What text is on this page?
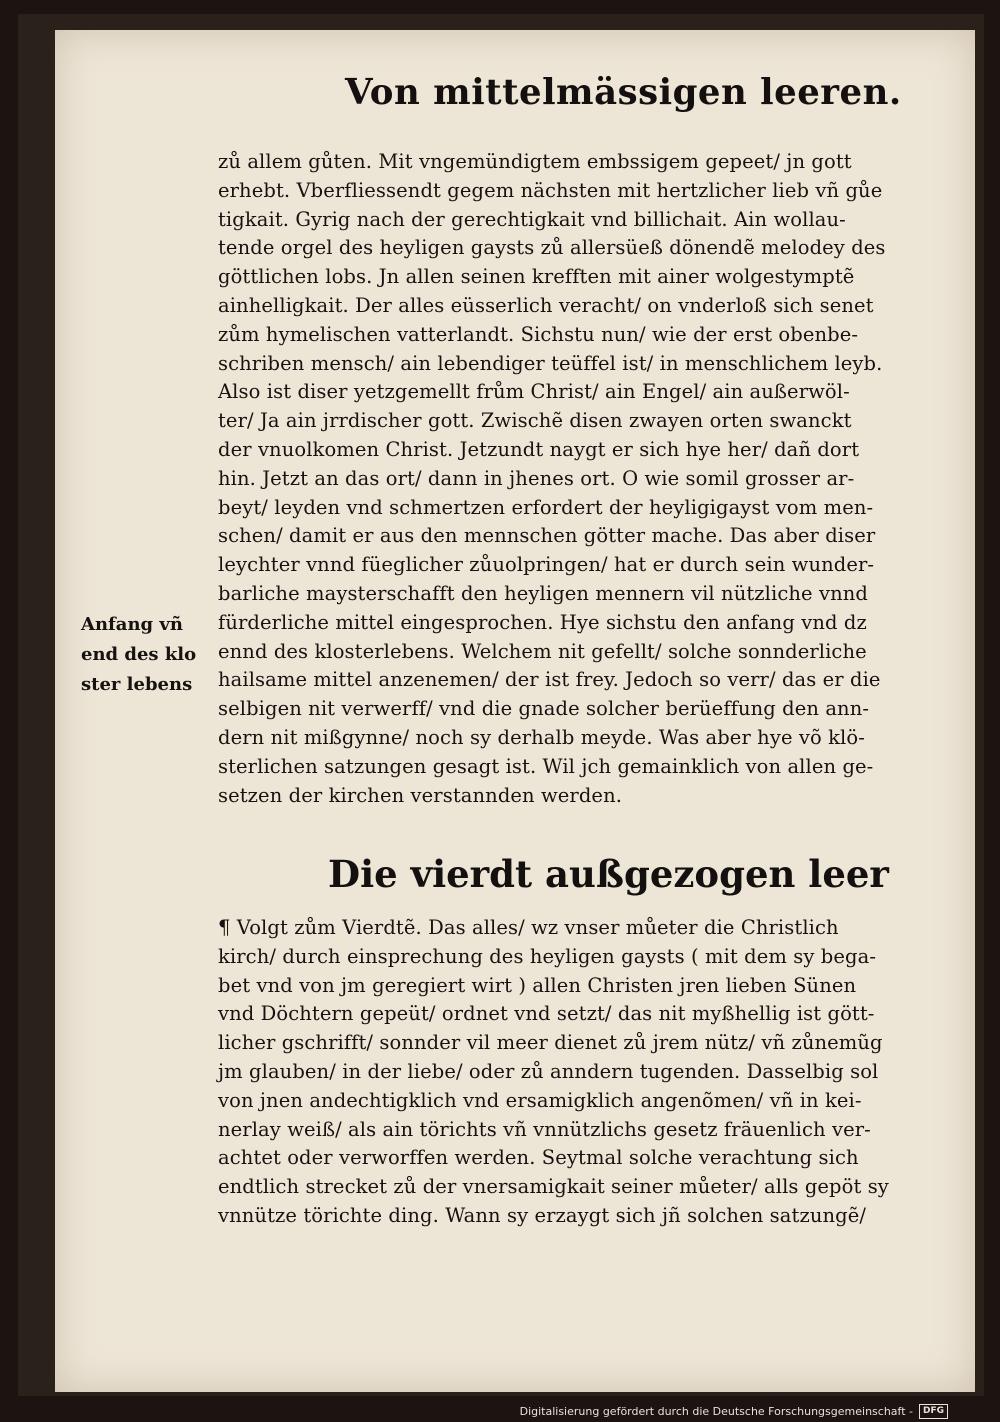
Von mittelmässigen leeren.
Anfang vñ
end des klo
ster lebens
zů allem gůten. Mit vngemündigtem embssigem gepeet/ jn gott
erhebt. Vberfliessendt gegem nächsten mit hertzlicher lieb vñ gůe
tigkait. Gyrig nach der gerechtigkait vnd billichait. Ain wollau-
tende orgel des heyligen gaysts zů allersüeß dönendẽ melodey des
göttlichen lobs. Jn allen seinen krefften mit ainer wolgestymptẽ
ainhelligkait. Der alles eüsserlich veracht/ on vnderloß sich senet
zům hymelischen vatterlandt. Sichstu nun/ wie der erst obenbe-
schriben mensch/ ain lebendiger teüffel ist/ in menschlichem leyb.
Also ist diser yetzgemellt frům Christ/ ain Engel/ ain außerwöl-
ter/ Ja ain jrrdischer gott. Zwischẽ disen zwayen orten swanckt
der vnuolkomen Christ. Jetzundt naygt er sich hye her/ dañ dort
hin. Jetzt an das ort/ dann in jhenes ort. O wie somil grosser ar-
beyt/ leyden vnd schmertzen erfordert der heyligigayst vom men-
schen/ damit er aus den mennschen götter mache. Das aber diser
leychter vnnd füeglicher zůuolpringen/ hat er durch sein wunder-
barliche maysterschafft den heyligen mennern vil nützliche vnnd
fürderliche mittel eingesprochen. Hye sichstu den anfang vnd dz
ennd des klosterlebens. Welchem nit gefellt/ solche sonnderliche
hailsame mittel anzenemen/ der ist frey. Jedoch so verr/ das er die
selbigen nit verwerff/ vnd die gnade solcher berüeffung den ann-
dern nit mißgynne/ noch sy derhalb meyde. Was aber hye võ klö-
sterlichen satzungen gesagt ist. Wil jch gemainklich von allen ge-
setzen der kirchen verstannden werden.
Die vierdt außgezogen leer
¶ Volgt zům Vierdtẽ. Das alles/ wz vnser můeter die Christlich
kirch/ durch einsprechung des heyligen gaysts ( mit dem sy bega-
bet vnd von jm geregiert wirt ) allen Christen jren lieben Sünen
vnd Döchtern gepeüt/ ordnet vnd setzt/ das nit myßhellig ist gött-
licher gschrifft/ sonnder vil meer dienet zů jrem nütz/ vñ zůnemũg
jm glauben/ in der liebe/ oder zů anndern tugenden. Dasselbig sol
von jnen andechtigklich vnd ersamigklich angenõmen/ vñ in kei-
nerlay weiß/ als ain törichts vñ vnnützlichs gesetz fräuenlich ver-
achtet oder verworffen werden. Seytmal solche verachtung sich
endtlich strecket zů der vnersamigkait seiner můeter/ alls gepöt sy
vnnütze törichte ding. Wann sy erzaygt sich jñ solchen satzungẽ/
Digitalisierung gefördert durch die Deutsche Forschungsgemeinschaft -	DFG
